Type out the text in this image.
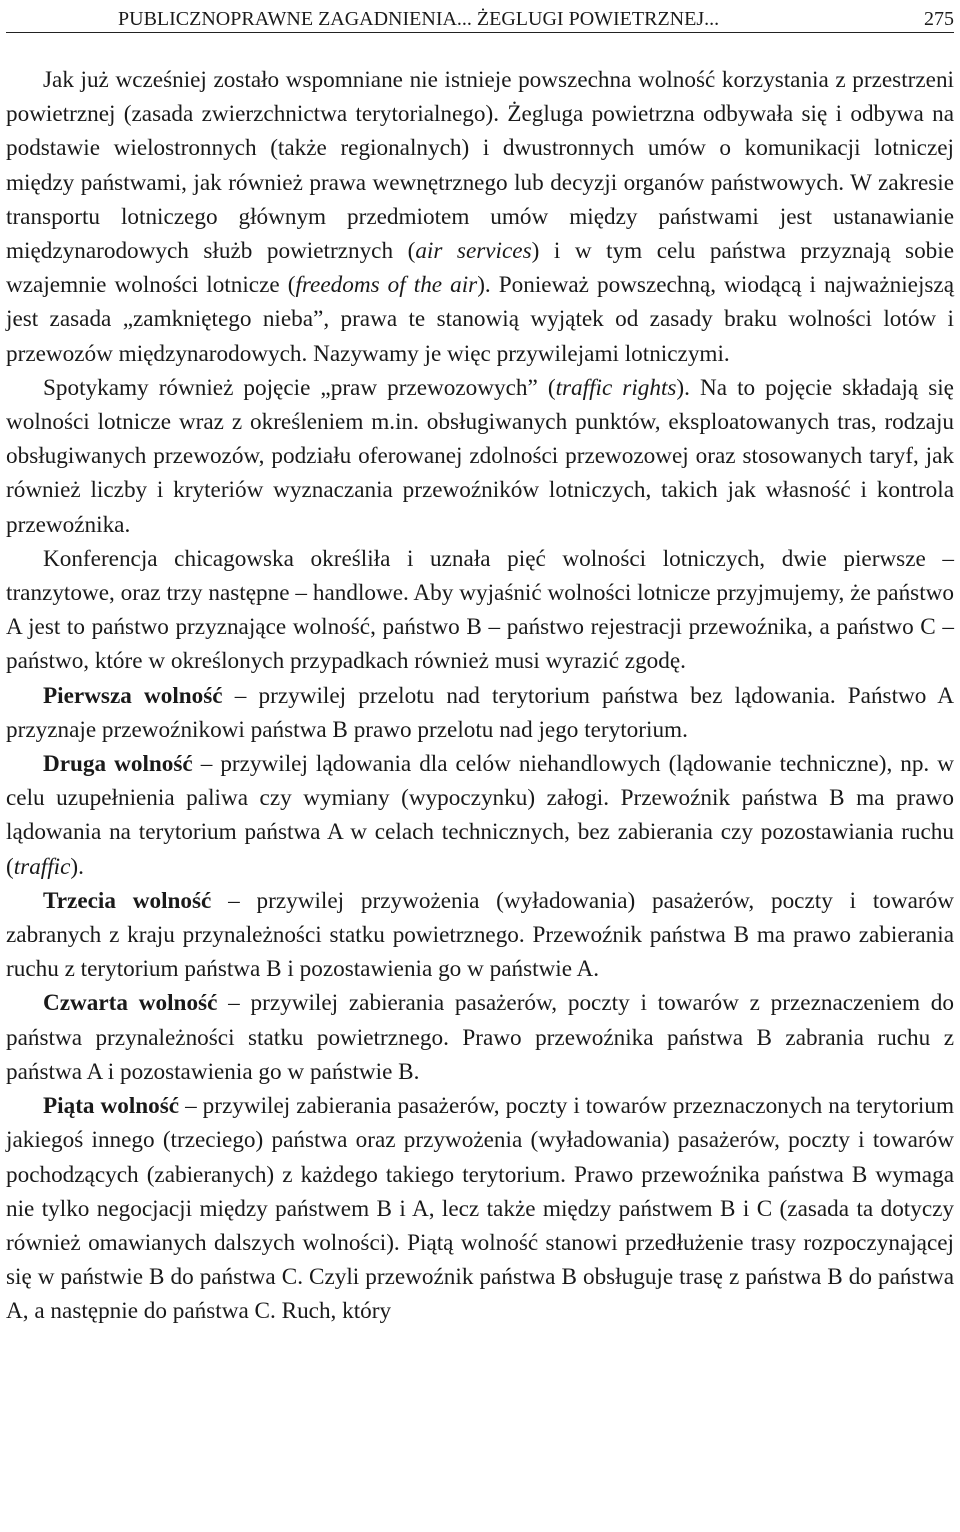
PUBLICZNOPRAWNE ZAGADNIENIA... ŻEGLUGI POWIETRZNEJ...	275

Jak już wcześniej zostało wspomniane nie istnieje powszechna wolność korzystania z przestrzeni powietrznej (zasada zwierzchnictwa terytorialnego). Żegluga powietrzna odbywała się i odbywa na podstawie wielostronnych (także regionalnych) i dwustronnych umów o komunikacji lotniczej między państwami, jak również prawa wewnętrznego lub decyzji organów państwowych. W zakresie transportu lotniczego głównym przedmiotem umów między państwami jest ustanawianie międzynarodowych służb powietrznych (air services) i w tym celu państwa przyznają sobie wzajemnie wolności lotnicze (freedoms of the air). Ponieważ powszechną, wiodącą i najważniejszą jest zasada „zamkniętego nieba”, prawa te stanowią wyjątek od zasady braku wolności lotów i przewozów międzynarodowych. Nazywamy je więc przywilejami lotniczymi.

Spotykamy również pojęcie „praw przewozowych” (traffic rights). Na to pojęcie składają się wolności lotnicze wraz z określeniem m.in. obsługiwanych punktów, eksploatowanych tras, rodzaju obsługiwanych przewozów, podziału oferowanej zdolności przewozowej oraz stosowanych taryf, jak również liczby i kryteriów wyznaczania przewoźników lotniczych, takich jak własność i kontrola przewoźnika.

Konferencja chicagowska określiła i uznała pięć wolności lotniczych, dwie pierwsze – tranzytowe, oraz trzy następne – handlowe. Aby wyjaśnić wolności lotnicze przyjmujemy, że państwo A jest to państwo przyznające wolność, państwo B – państwo rejestracji przewoźnika, a państwo C – państwo, które w określonych przypadkach również musi wyrazić zgodę.

Pierwsza wolność – przywilej przelotu nad terytorium państwa bez lądowania. Państwo A przyznaje przewoźnikowi państwa B prawo przelotu nad jego terytorium.

Druga wolność – przywilej lądowania dla celów niehandlowych (lądowanie techniczne), np. w celu uzupełnienia paliwa czy wymiany (wypoczynku) załogi. Przewoźnik państwa B ma prawo lądowania na terytorium państwa A w celach technicznych, bez zabierania czy pozostawiania ruchu (traffic).

Trzecia wolność – przywilej przywożenia (wyładowania) pasażerów, poczty i towarów zabranych z kraju przynależności statku powietrznego. Przewoźnik państwa B ma prawo zabierania ruchu z terytorium państwa B i pozostawienia go w państwie A.

Czwarta wolność – przywilej zabierania pasażerów, poczty i towarów z przeznaczeniem do państwa przynależności statku powietrznego. Prawo przewoźnika państwa B zabrania ruchu z państwa A i pozostawienia go w państwie B.

Piąta wolność – przywilej zabierania pasażerów, poczty i towarów przeznaczonych na terytorium jakiegoś innego (trzeciego) państwa oraz przywożenia (wyładowania) pasażerów, poczty i towarów pochodzących (zabieranych) z każdego takiego terytorium. Prawo przewoźnika państwa B wymaga nie tylko negocjacji między państwem B i A, lecz także między państwem B i C (zasada ta dotyczy również omawianych dalszych wolności). Piątą wolność stanowi przedłużenie trasy rozpoczynającej się w państwie B do państwa C. Czyli przewoźnik państwa B obsługuje trasę z państwa B do państwa A, a następnie do państwa C. Ruch, który
